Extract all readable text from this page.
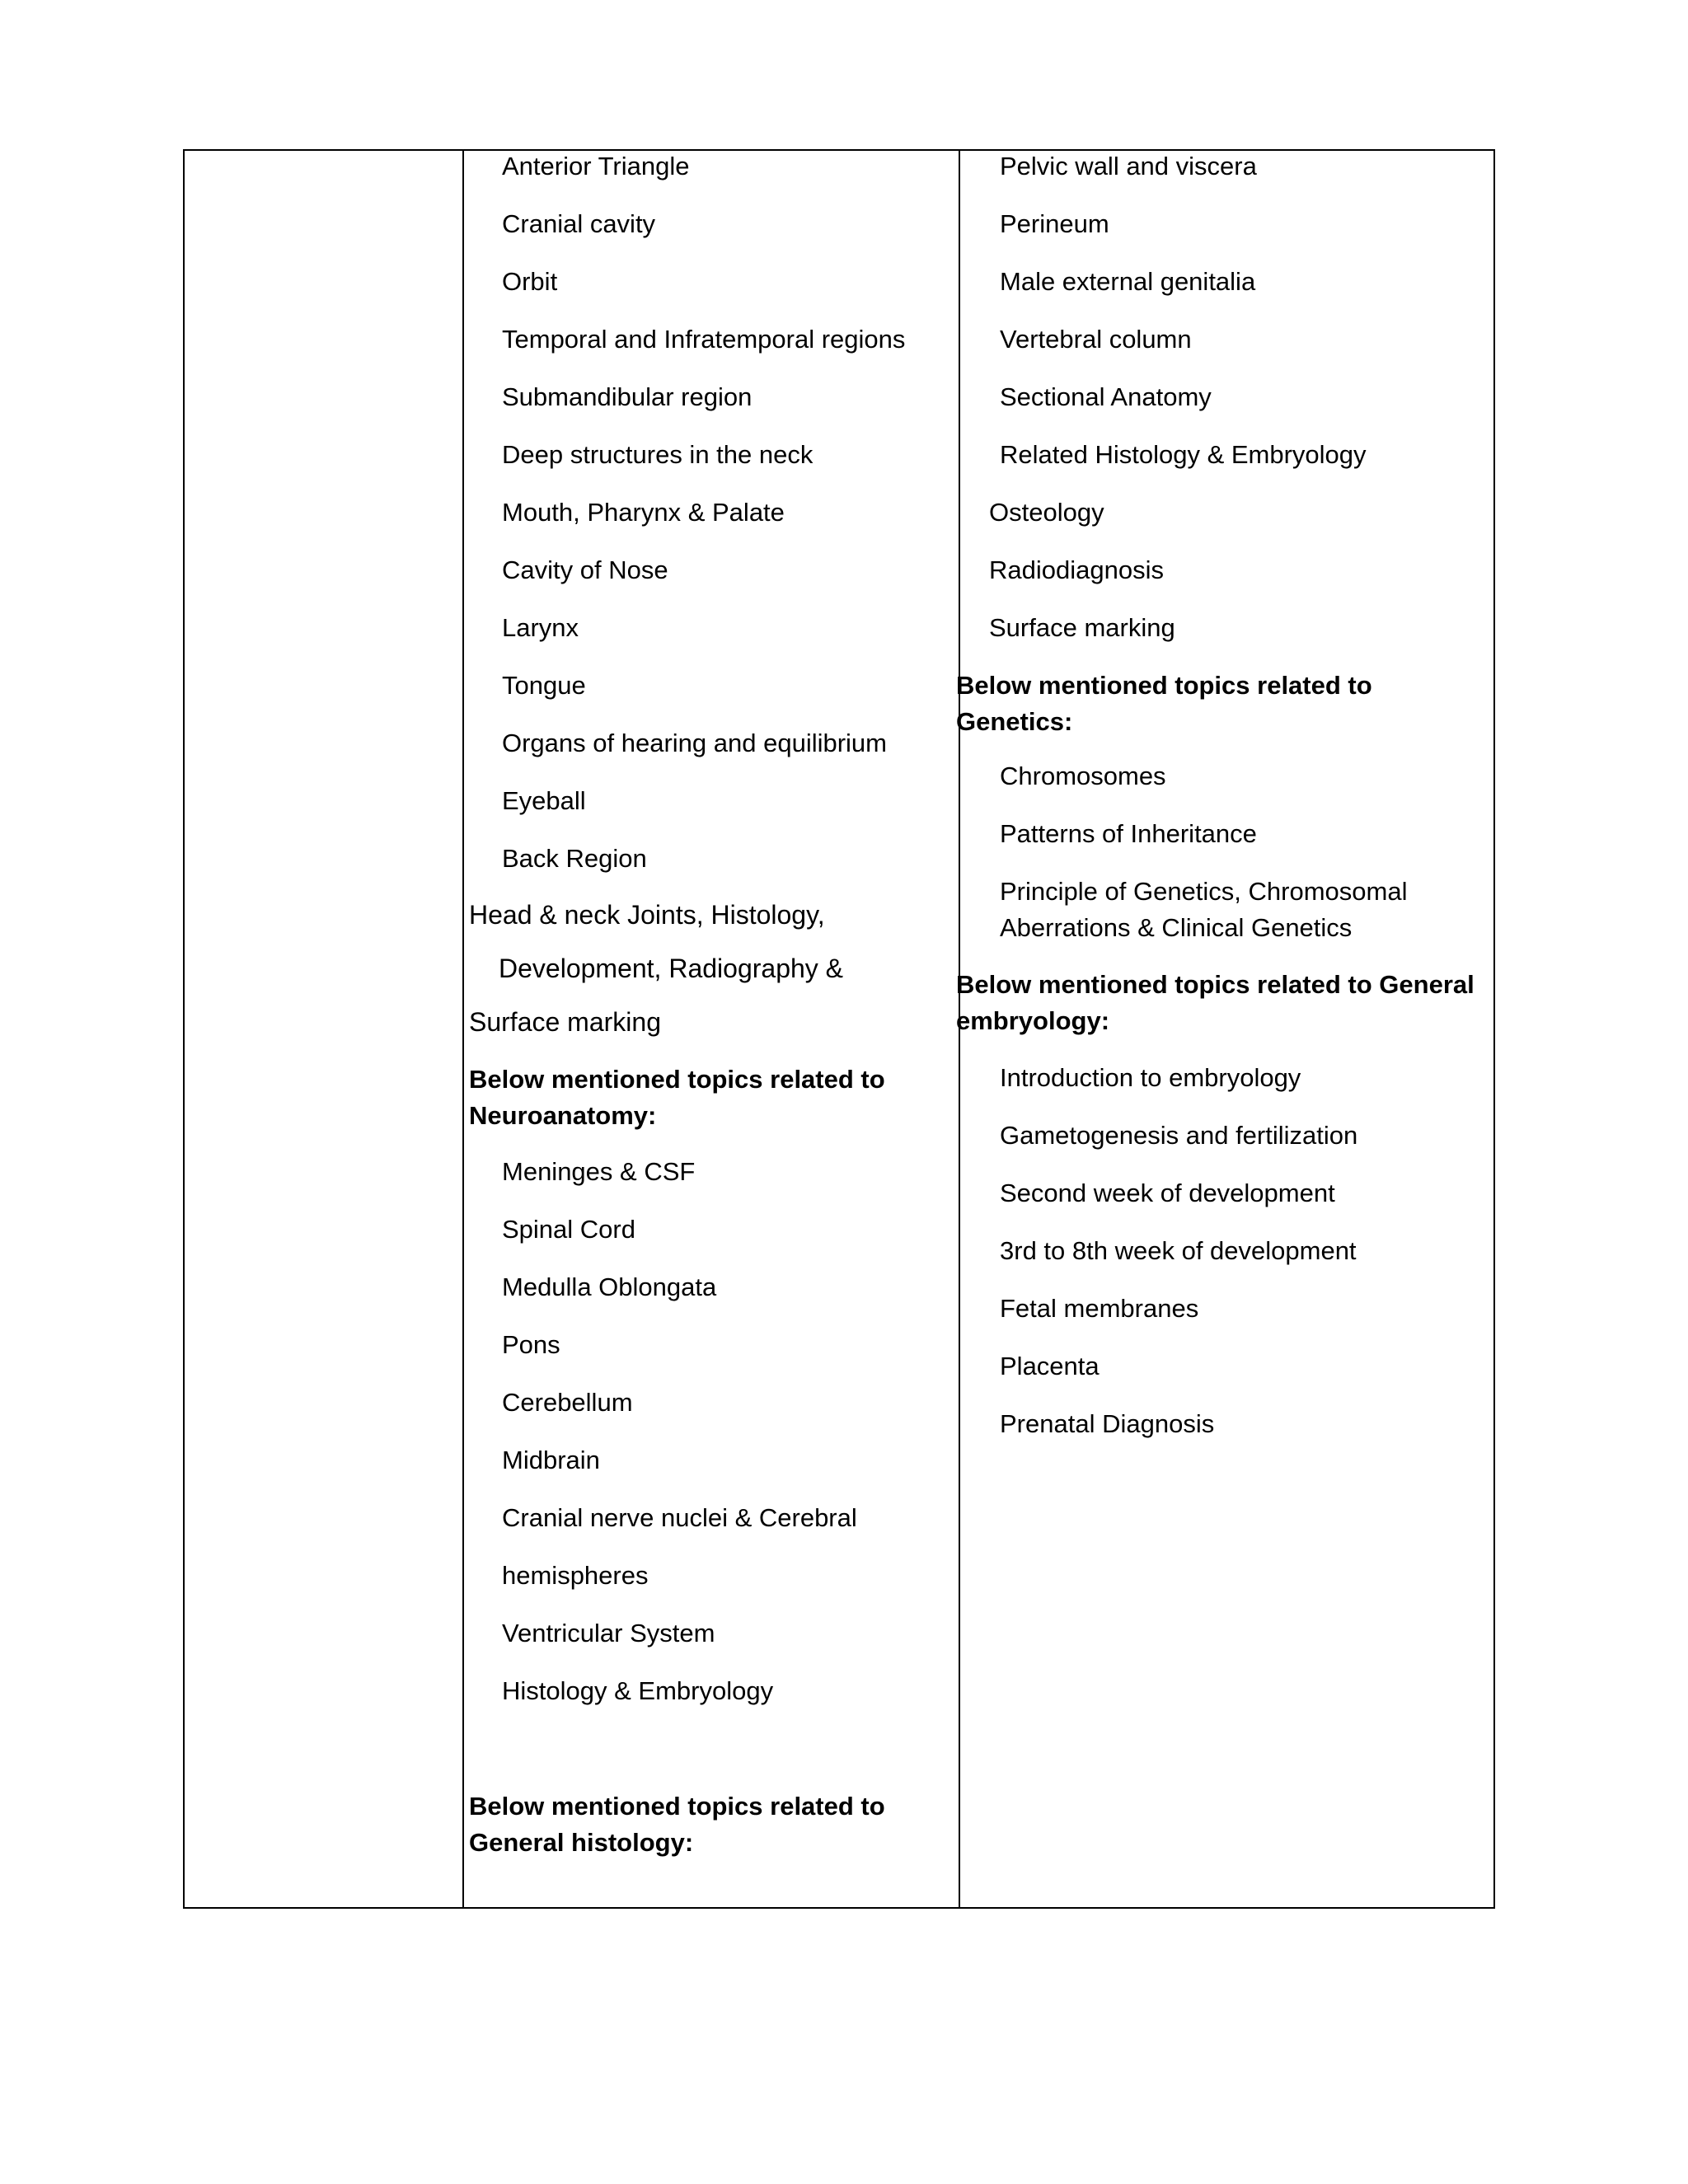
Anterior Triangle
Cranial cavity
Orbit
Temporal and Infratemporal regions
Submandibular region
Deep structures in the neck
Mouth, Pharynx & Palate
Cavity of Nose
Larynx
Tongue
Organs of hearing and equilibrium
Eyeball
Back Region
Head & neck Joints, Histology,
Development, Radiography &
Surface marking
Below mentioned topics related to
Neuroanatomy:
Meninges & CSF
Spinal Cord
Medulla Oblongata
Pons
Cerebellum
Midbrain
Cranial nerve nuclei & Cerebral
hemispheres
Ventricular System
Histology & Embryology
Below mentioned topics related to
General histology:
Pelvic wall and viscera
Perineum
Male external genitalia
Vertebral column
Sectional Anatomy
Related Histology & Embryology
Osteology
Radiodiagnosis
Surface marking
Below mentioned topics related to
Genetics:
Chromosomes
Patterns of Inheritance
Principle of Genetics, Chromosomal
Aberrations & Clinical Genetics
Below mentioned topics related to General
embryology:
Introduction to embryology
Gametogenesis and fertilization
Second week of development
3rd to 8th week of development
Fetal membranes
Placenta
Prenatal Diagnosis
